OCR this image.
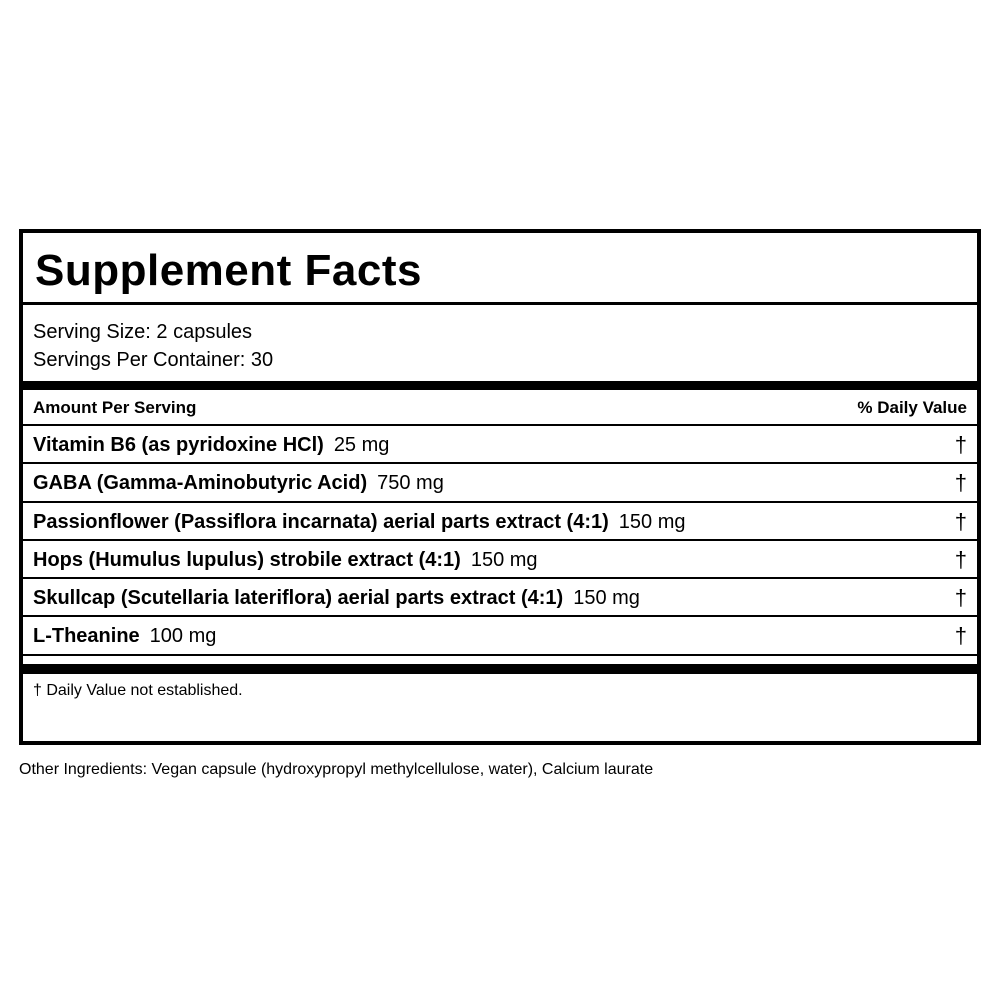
Supplement Facts
Serving Size: 2 capsules
Servings Per Container: 30
Amount Per Serving	% Daily Value
Vitamin B6 (as pyridoxine HCl) 25 mg	†
GABA (Gamma-Aminobutyric Acid) 750 mg	†
Passionflower (Passiflora incarnata) aerial parts extract (4:1) 150 mg	†
Hops (Humulus lupulus) strobile extract (4:1) 150 mg	†
Skullcap (Scutellaria lateriflora) aerial parts extract (4:1) 150 mg	†
L-Theanine 100 mg	†
† Daily Value not established.
Other Ingredients: Vegan capsule (hydroxypropyl methylcellulose, water), Calcium laurate
